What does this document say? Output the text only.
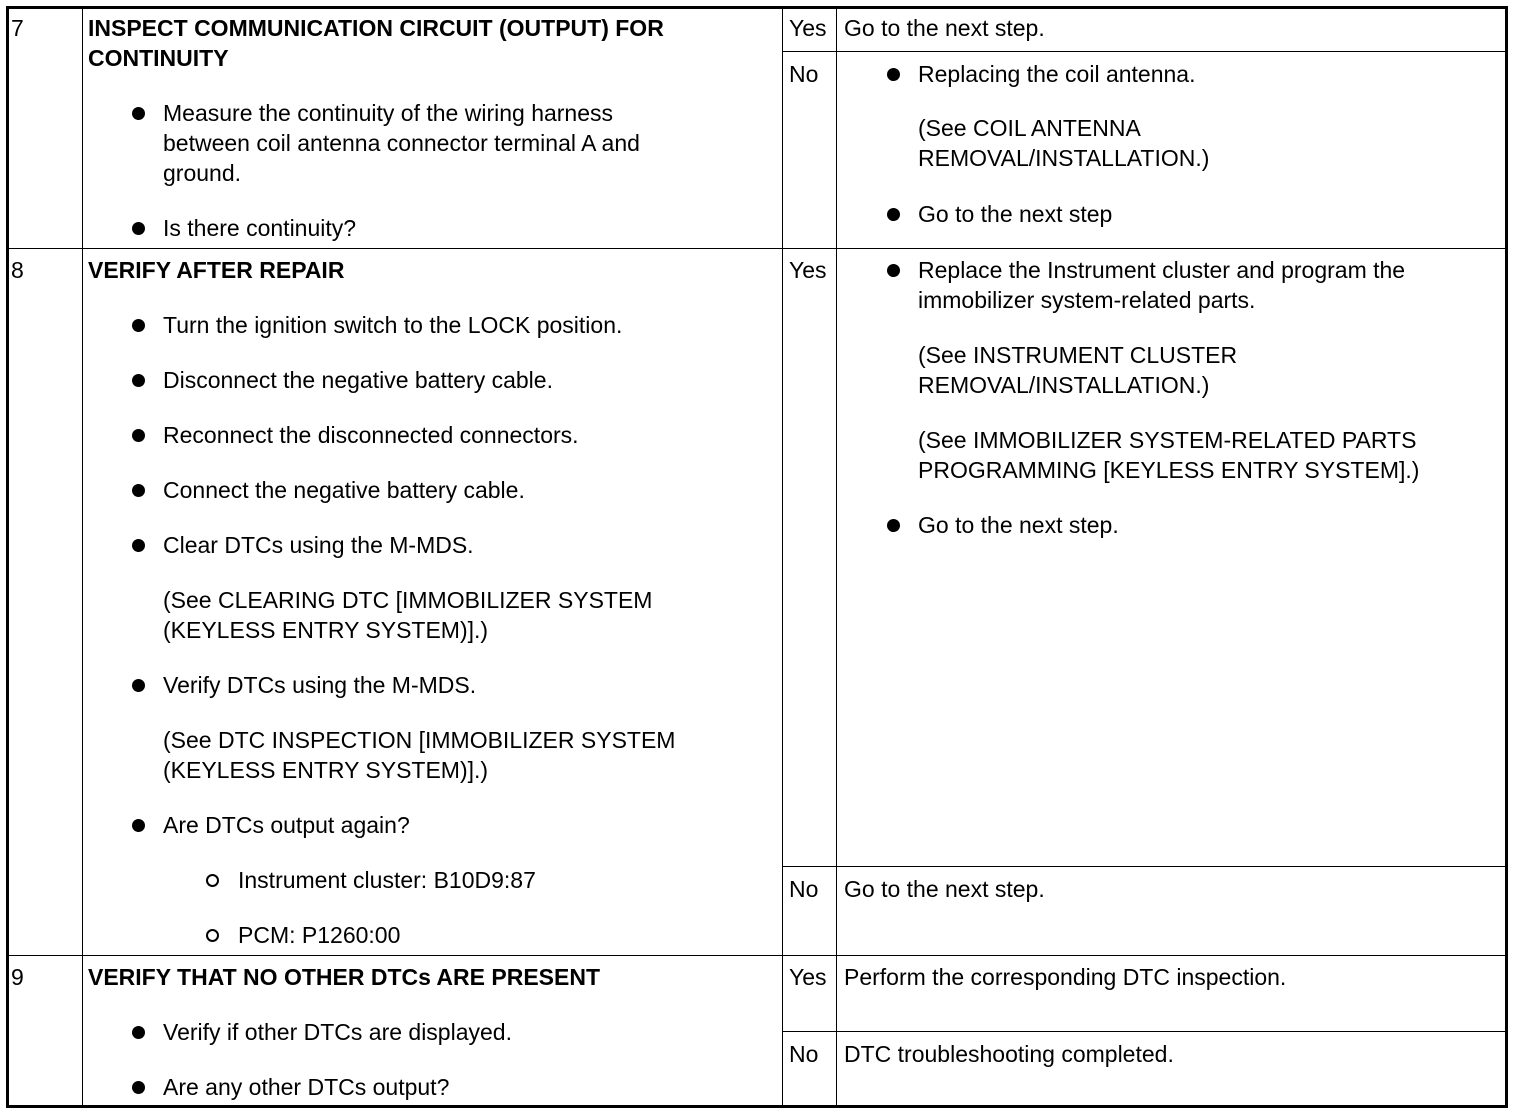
7	INSPECT COMMUNICATION CIRCUIT (OUTPUT) FOR
CONTINUITY
Measure the continuity of the wiring harness
between coil antenna connector terminal A and
ground.
Is there continuity?
Yes Go to the next step.
No	Replacing the coil antenna.
(See COIL ANTENNA
REMOVAL/INSTALLATION.)
Go to the next step
8	VERIFY AFTER REPAIR
Turn the ignition switch to the LOCK position.
Disconnect the negative battery cable.
Reconnect the disconnected connectors.
Connect the negative battery cable.
Clear DTCs using the M-MDS.
(See CLEARING DTC [IMMOBILIZER SYSTEM
(KEYLESS ENTRY SYSTEM)].)
Verify DTCs using the M-MDS.
(See DTC INSPECTION [IMMOBILIZER SYSTEM
(KEYLESS ENTRY SYSTEM)].)
Are DTCs output again?
Instrument cluster: B10D9:87
PCM: P1260:00
Yes	Replace the Instrument cluster and program the
immobilizer system-related parts.
(See INSTRUMENT CLUSTER
REMOVAL/INSTALLATION.)
(See IMMOBILIZER SYSTEM-RELATED PARTS
PROGRAMMING [KEYLESS ENTRY SYSTEM].)
Go to the next step.
No Go to the next step.
9	VERIFY THAT NO OTHER DTCs ARE PRESENT
Verify if other DTCs are displayed.
Are any other DTCs output?
Yes Perform the corresponding DTC inspection.
No DTC troubleshooting completed.
